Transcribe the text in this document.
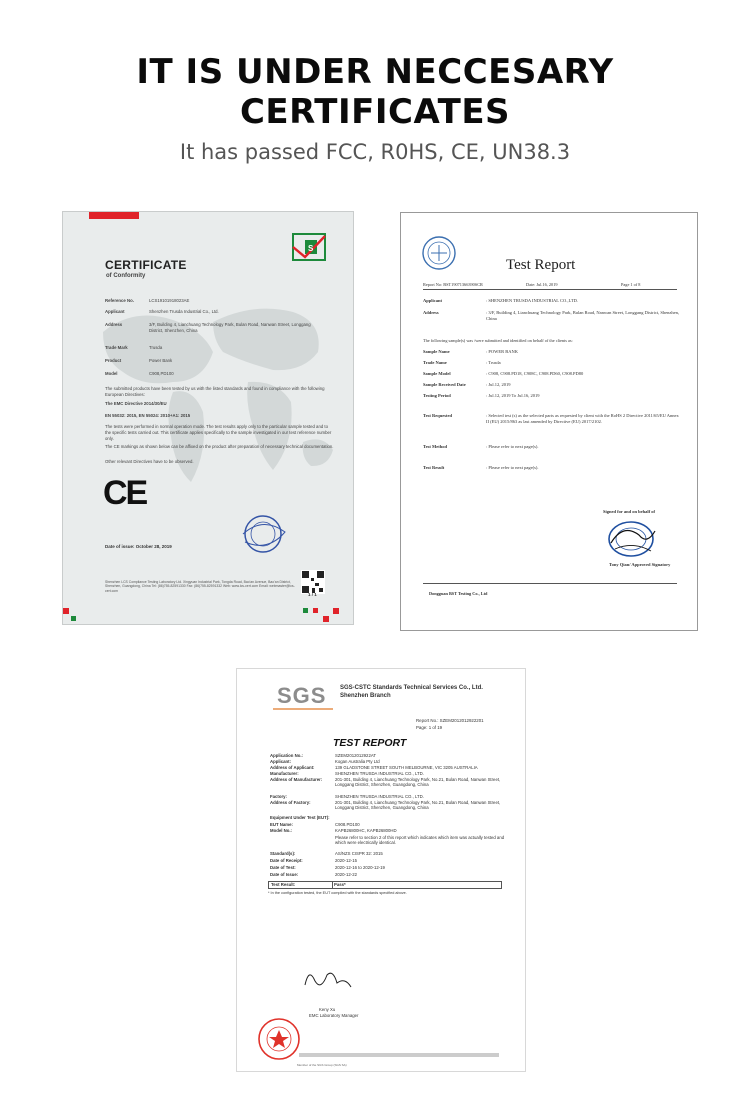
IT IS UNDER NECCESARY CERTIFICATES
It has passed FCC, R0HS, CE, UN38.3
S
CERTIFICATE
of Conformity
Reference No.	LCS19101918023AE
Applicant	Shenzhen Trusda Industrial Co., Ltd.
Address	3/F, Building 4, Lianchuang Technology Park, Bulan Road, Nanwan Street, Longgang District, Shenzhen, China
Trade Mark	Trusda
Product	Power Bank
Model	C908,PD100
The submitted products have been tested by us with the listed standards and found in compliance with the following European Directives:
The EMC Directive 2014/30/EU
EN 55032: 2015, EN 55024: 2010+A1: 2015
The tests were performed in normal operation mode. The test results apply only to the particular sample tested and to the specific tests carried out. This certificate applies specifically to the sample investigated in our test reference number only.
The CE markings as shown below can be affixed on the product after preparation of necessary technical documentation.
Other relevant Directives have to be observed.
CE
Date of issue: October 28, 2019
Shenzhen LCS Compliance Testing Laboratory Ltd. Xingyuan Industrial Park, Tongda Road, Bao'an Avenue, Bao'an District, Shenzhen, Guangdong, China Tel: (86)755-82591330 Fax: (86)755-82591332 Web: www.lcs-cert.com Email: webmaster@lcs-cert.com
1 / 1
Test Report
Report No: BST19071366390SCR	Date: Jul.16, 2019	Page 1 of 8
Applicant	: SHENZHEN TRUSDA INDUSTRIAL CO.,LTD.
Address	: 3/F, Building 4, Lianchuang Technology Park, Bulan Road, Nanwan Street, Longgang District, Shenzhen, China
The following sample(s) was /were submitted and identified on behalf of the clients as:
Sample Name	: POWER BANK
Trade Name	: Trusda
Sample Model	: C908, C908.PD18, C908C, C908.PD60, C908.PD80
Sample Received Date	: Jul.12, 2019
Testing Period	: Jul.12, 2019 To Jul.16, 2019
Test Requested	: Selected test (s) as the selected parts as requested by client with the RoHS 2 Directive 2011/65/EU Annex II (EU) 2015/863 as last amended by Directive (EU) 2017/2102.
Test Method	: Please refer to next page(s).
Test Result	: Please refer to next page(s).
Signed for and on behalf of
Tony Qian/ Approved Signatory
Dongguan BST Testing Co., Ltd
SGS SGS-CSTC Standards Technical Services Co., Ltd.
Shenzhen Branch
Report No.: SZEM2012012922201
Page: 1 of 19
TEST REPORT
Application No.:	SZEM2012012922AT
Applicant:	Kogan Australia Pty Ltd
Address of Applicant:	139 GLADSTONE STREET SOUTH MELBOURNE, VIC 3205 AUSTRALIA
Manufacturer:	SHENZHEN TRUSDA INDUSTRIAL CO., LTD.
Address of Manufacturer:	201-301, Building 4, Lianchuang Technology Park, No.21, Bulan Road, Nanwan Street, Longgang District, Shenzhen, Guangdong, China
Factory:	SHENZHEN TRUSDA INDUSTRIAL CO., LTD.
Address of Factory:	201-301, Building 4, Lianchuang Technology Park, No.21, Bulan Road, Nanwan Street, Longgang District, Shenzhen, Guangdong, China
Equipment Under Test (EUT):
EUT Name:	C908.PD100
Model No.:	KAPB26800HC, KAPB26800HD
Please refer to section 2 of this report which indicates which item was actually tested and which were electrically identical.
Standard(s):	AS/NZS CISPR 32: 2015
Date of Receipt:	2020-12-15
Date of Test:	2020-12-16 to 2020-12-19
Date of Issue:	2020-12-22
Test Result:	Pass*
* In the configuration tested, the EUT complied with the standards specified above.
Keny Xu
EMC Laboratory Manager
Member of the SGS Group (SGS SA)
